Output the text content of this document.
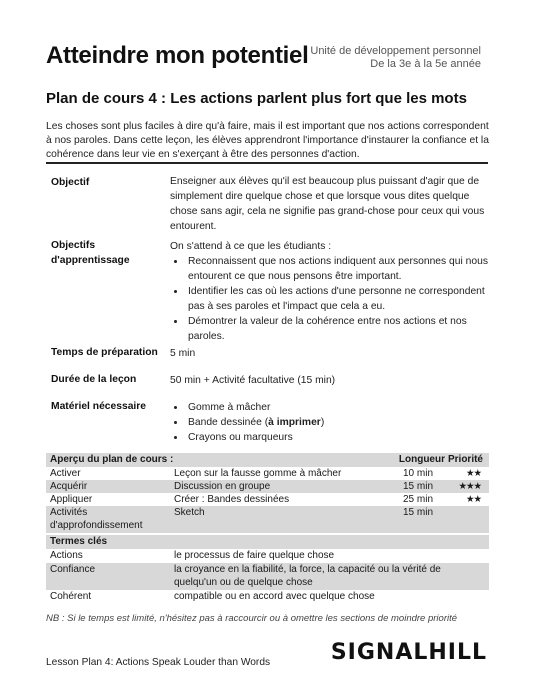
Atteindre mon potentiel Unité de développement personnel
De la 3e à la 5e année
Plan de cours 4 : Les actions parlent plus fort que les mots
Les choses sont plus faciles à dire qu'à faire, mais il est important que nos actions correspondent à nos paroles. Dans cette leçon, les élèves apprendront l'importance d'instaurer la confiance et la cohérence dans leur vie en s'exerçant à être des personnes d'action.
Objectif	Enseigner aux élèves qu'il est beaucoup plus puissant d'agir que de simplement dire quelque chose et que lorsque vous dites quelque chose sans agir, cela ne signifie pas grand-chose pour ceux qui vous entourent.
Objectifs
d'apprentissage
On s'attend à ce que les étudiants :
• Reconnaissent que nos actions indiquent aux personnes qui nous entourent ce que nous pensons être important.
• Identifier les cas où les actions d'une personne ne correspondent pas à ses paroles et l'impact que cela a eu.
• Démontrer la valeur de la cohérence entre nos actions et nos paroles.
Temps de préparation 5 min
Durée de la leçon	50 min + Activité facultative (15 min)
Matériel nécessaire
•	Gomme à mâcher
• Bande dessinée (à imprimer)
• Crayons ou marqueurs
Aperçu du plan de cours :	Longueur Priorité
Activer	Leçon sur la fausse gomme à mâcher	10 min	★★
Acquérir	Discussion en groupe	15 min	★★★
Appliquer	Créer : Bandes dessinées	25 min	★★
Activités
d'approfondissement
Sketch	15 min
Termes clés
Actions	le processus de faire quelque chose
Confiance	la croyance en la fiabilité, la force, la capacité ou la vérité de quelqu'un ou de quelque chose
Cohérent	compatible ou en accord avec quelque chose
NB : Si le temps est limité, n'hésitez pas à raccourcir ou à omettre les sections de moindre priorité
Lesson Plan 4: Actions Speak Louder than Words	SIGNALHILL
